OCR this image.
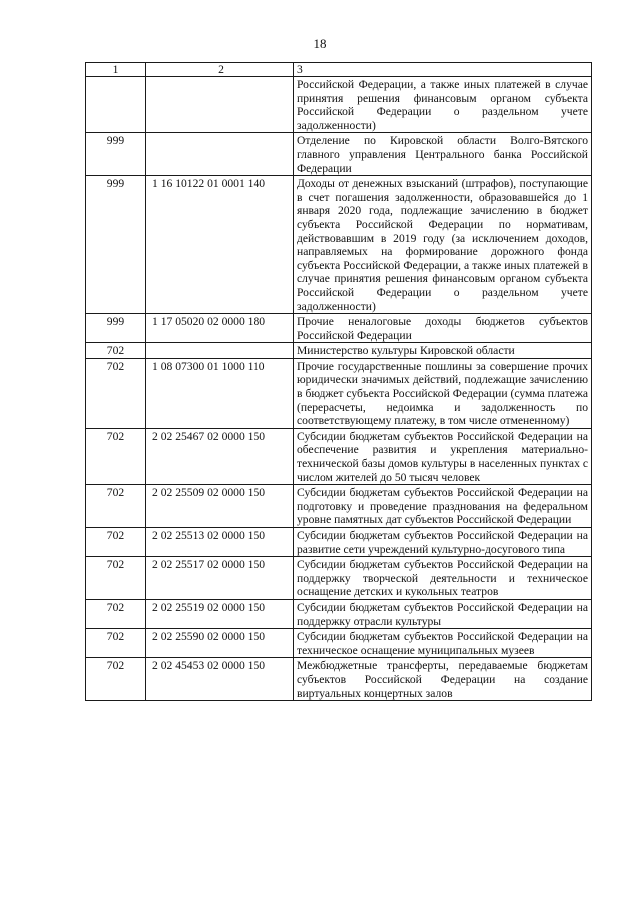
18
1	2	3
		Российской Федерации, а также иных платежей в случае принятия решения финансовым органом субъекта Российской Федерации о раздельном учете задолженности)
999		Отделение по Кировской области Волго-Вятского главного управления Центрального банка Российской Федерации
999	1 16 10122 01 0001 140	Доходы от денежных взысканий (штрафов), поступающие в счет погашения задолженности, образовавшейся до 1 января 2020 года, подлежащие зачислению в бюджет субъекта Российской Федерации по нормативам, действовавшим в 2019 году (за исключением доходов, направляемых на формирование дорожного фонда субъекта Российской Федерации, а также иных платежей в случае принятия решения финансовым органом субъекта Российской Федерации о раздельном учете задолженности)
999	1 17 05020 02 0000 180	Прочие неналоговые доходы бюджетов субъектов Российской Федерации
702		Министерство культуры Кировской области
702	1 08 07300 01 1000 110	Прочие государственные пошлины за совершение прочих юридически значимых действий, подлежащие зачислению в бюджет субъекта Российской Федерации (сумма платежа (перерасчеты, недоимка и задолженность по соответствующему платежу, в том числе отмененному)
702	2 02 25467 02 0000 150	Субсидии бюджетам субъектов Российской Федерации на обеспечение развития и укрепления материально-технической базы домов культуры в населенных пунктах с числом жителей до 50 тысяч человек
702	2 02 25509 02 0000 150	Субсидии бюджетам субъектов Российской Федерации на подготовку и проведение празднования на федеральном уровне памятных дат субъектов Российской Федерации
702	2 02 25513 02 0000 150	Субсидии бюджетам субъектов Российской Федерации на развитие сети учреждений культурно-досугового типа
702	2 02 25517 02 0000 150	Субсидии бюджетам субъектов Российской Федерации на поддержку творческой деятельности и техническое оснащение детских и кукольных театров
702	2 02 25519 02 0000 150	Субсидии бюджетам субъектов Российской Федерации на поддержку отрасли культуры
702	2 02 25590 02 0000 150	Субсидии бюджетам субъектов Российской Федерации на техническое оснащение муниципальных музеев
702	2 02 45453 02 0000 150	Межбюджетные трансферты, передаваемые бюджетам субъектов Российской Федерации на создание виртуальных концертных залов
